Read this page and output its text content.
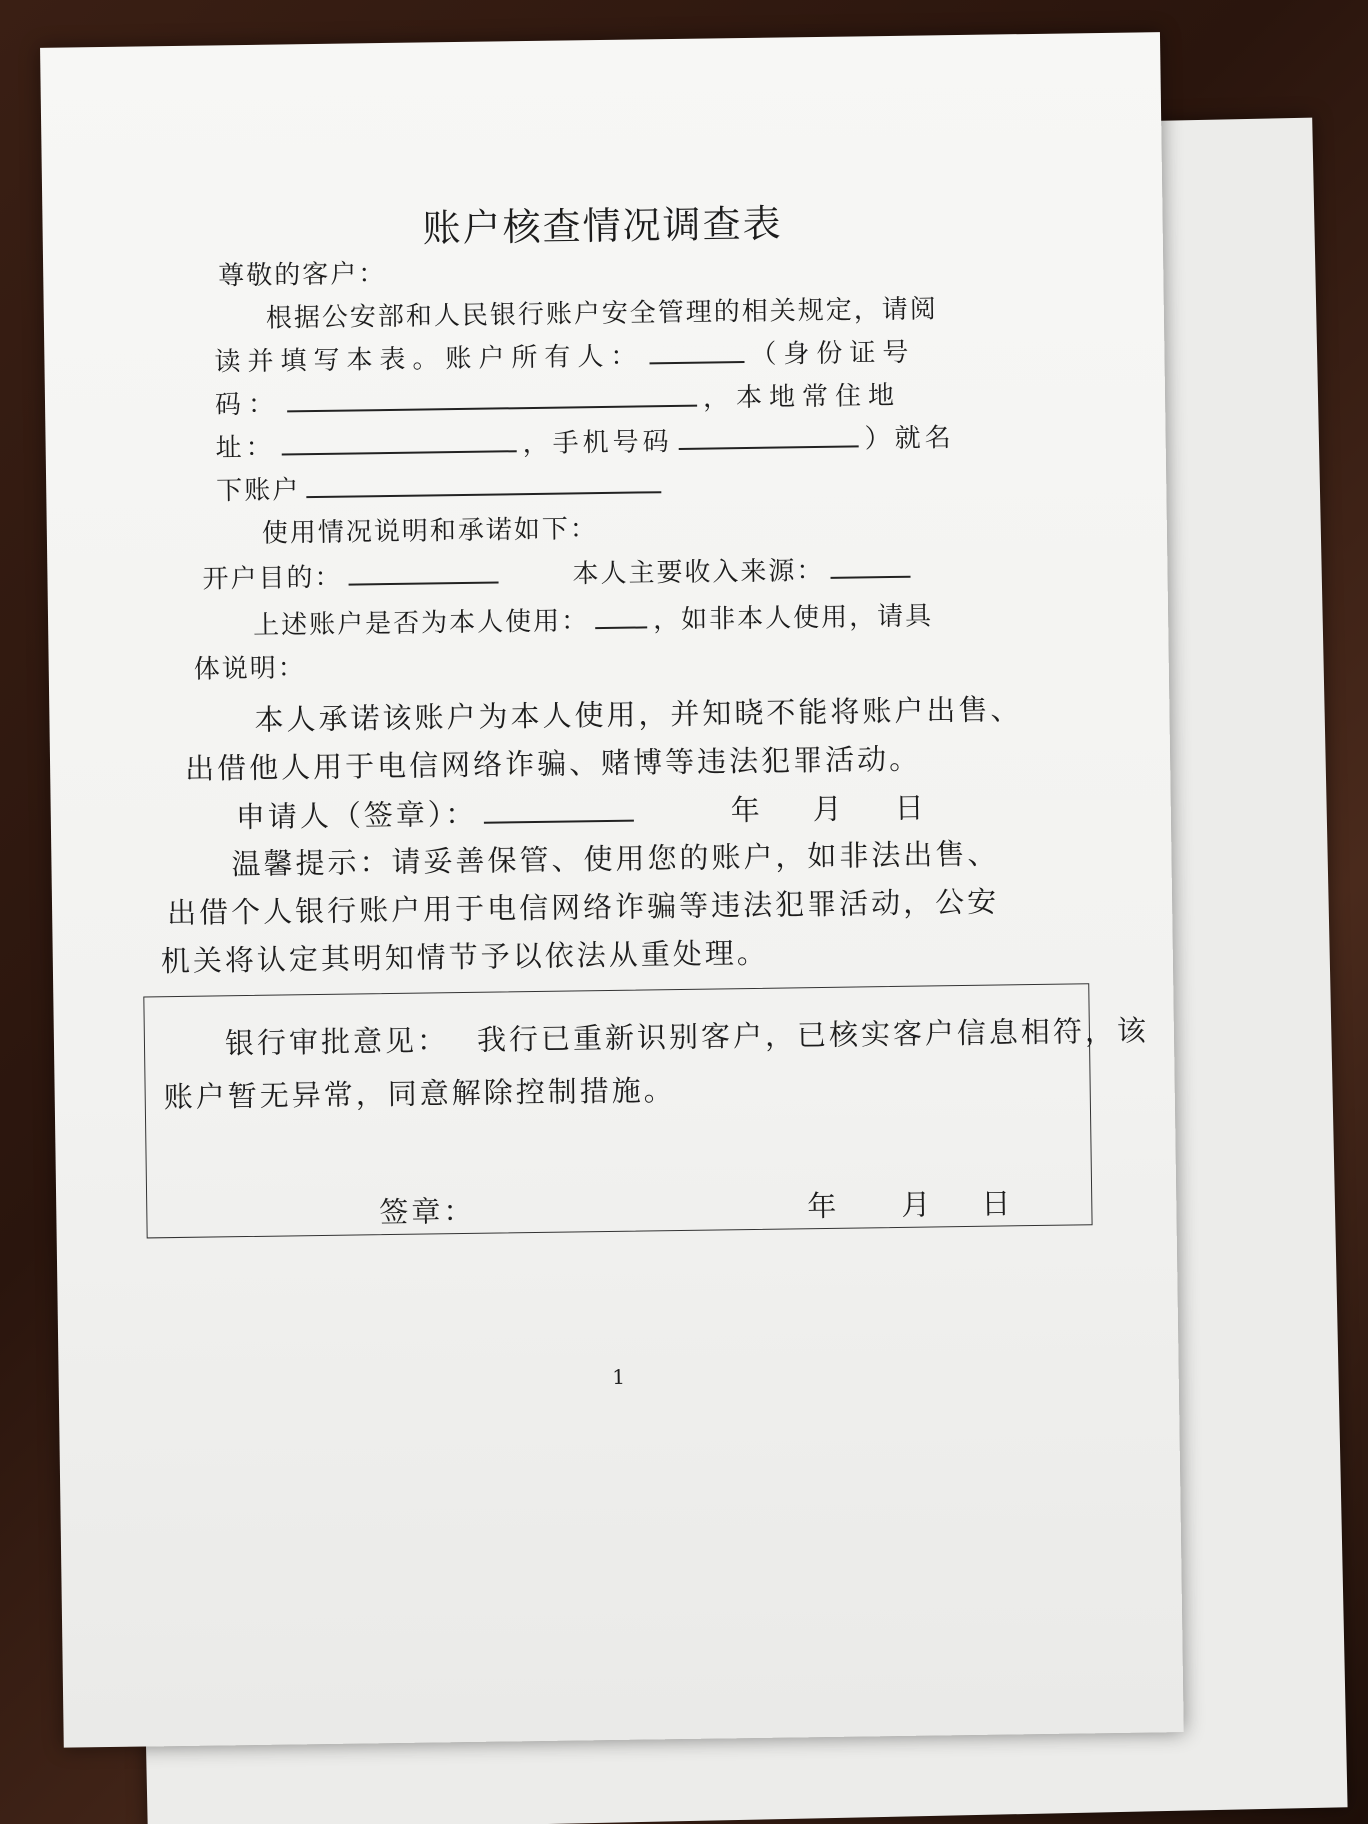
账户核查情况调查表
尊敬的客户：
根据公安部和人民银行账户安全管理的相关规定，请阅
读并填写本表。账户所有人：	（身份证号
码：	，本地常住地
址：	，手机号码	）就名
下账户
使用情况说明和承诺如下：
开户目的：	本人主要收入来源：
上述账户是否为本人使用： ，如非本人使用，请具
体说明：
本人承诺该账户为本人使用，并知晓不能将账户出售、
出借他人用于电信网络诈骗、赌博等违法犯罪活动。
申请人（签章）：	年 月 日
温馨提示：请妥善保管、使用您的账户，如非法出售、
出借个人银行账户用于电信网络诈骗等违法犯罪活动，公安
机关将认定其明知情节予以依法从重处理。
银行审批意见： 我行已重新识别客户，已核实客户信息相符，该
账户暂无异常，同意解除控制措施。
签章：	年 月 日
1
